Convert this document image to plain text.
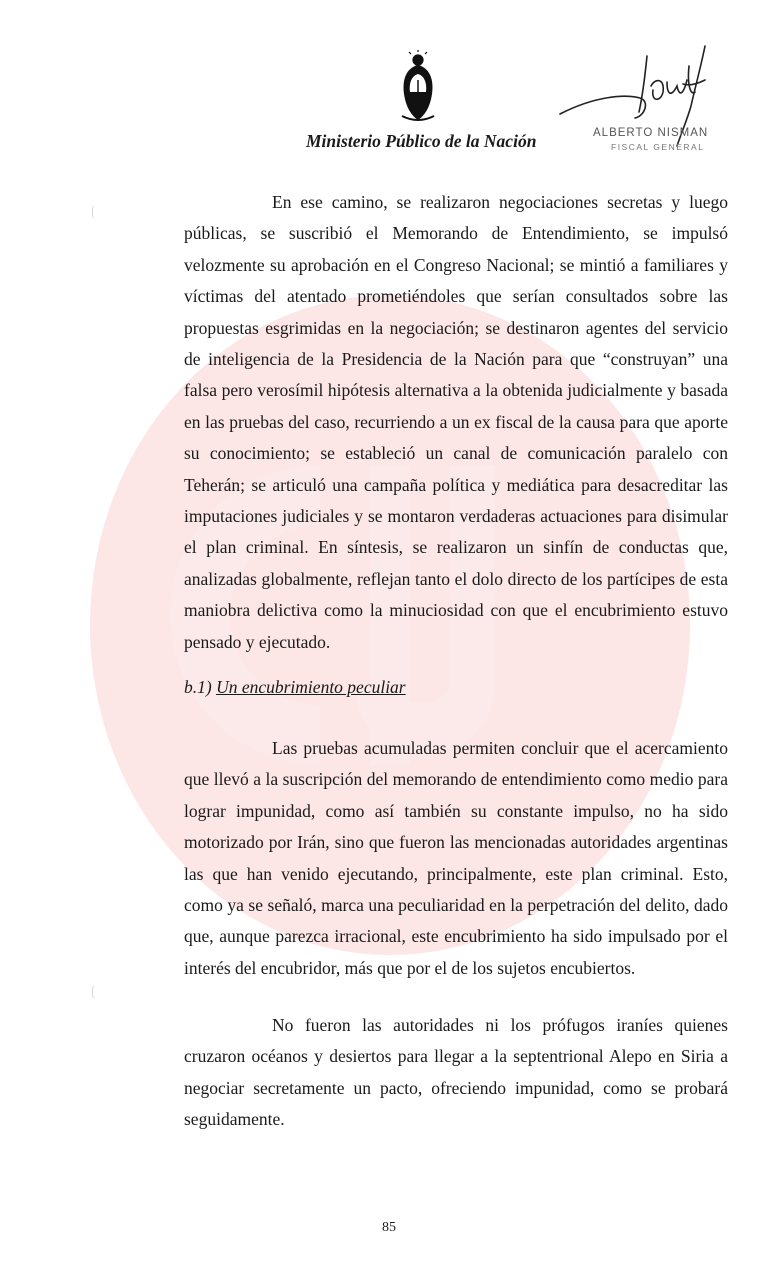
Ministerio Público de la Nación	ALBERTO NISMAN
FISCAL GENERAL

En ese camino, se realizaron negociaciones secretas y luego públicas, se suscribió el Memorando de Entendimiento, se impulsó velozmente su aprobación en el Congreso Nacional; se mintió a familiares y víctimas del atentado prometiéndoles que serían consultados sobre las propuestas esgrimidas en la negociación; se destinaron agentes del servicio de inteligencia de la Presidencia de la Nación para que “construyan” una falsa pero verosímil hipótesis alternativa a la obtenida judicialmente y basada en las pruebas del caso, recurriendo a un ex fiscal de la causa para que aporte su conocimiento; se estableció un canal de comunicación paralelo con Teherán; se articuló una campaña política y mediática para desacreditar las imputaciones judiciales y se montaron verdaderas actuaciones para disimular el plan criminal. En síntesis, se realizaron un sinfín de conductas que, analizadas globalmente, reflejan tanto el dolo directo de los partícipes de esta maniobra delictiva como la minuciosidad con que el encubrimiento estuvo pensado y ejecutado.

b.1) Un encubrimiento peculiar

Las pruebas acumuladas permiten concluir que el acercamiento que llevó a la suscripción del memorando de entendimiento como medio para lograr impunidad, como así también su constante impulso, no ha sido motorizado por Irán, sino que fueron las mencionadas autoridades argentinas las que han venido ejecutando, principalmente, este plan criminal. Esto, como ya se señaló, marca una peculiaridad en la perpetración del delito, dado que, aunque parezca irracional, este encubrimiento ha sido impulsado por el interés del encubridor, más que por el de los sujetos encubiertos.

No fueron las autoridades ni los prófugos iraníes quienes cruzaron océanos y desiertos para llegar a la septentrional Alepo en Siria a negociar secretamente un pacto, ofreciendo impunidad, como se probará seguidamente.

85
